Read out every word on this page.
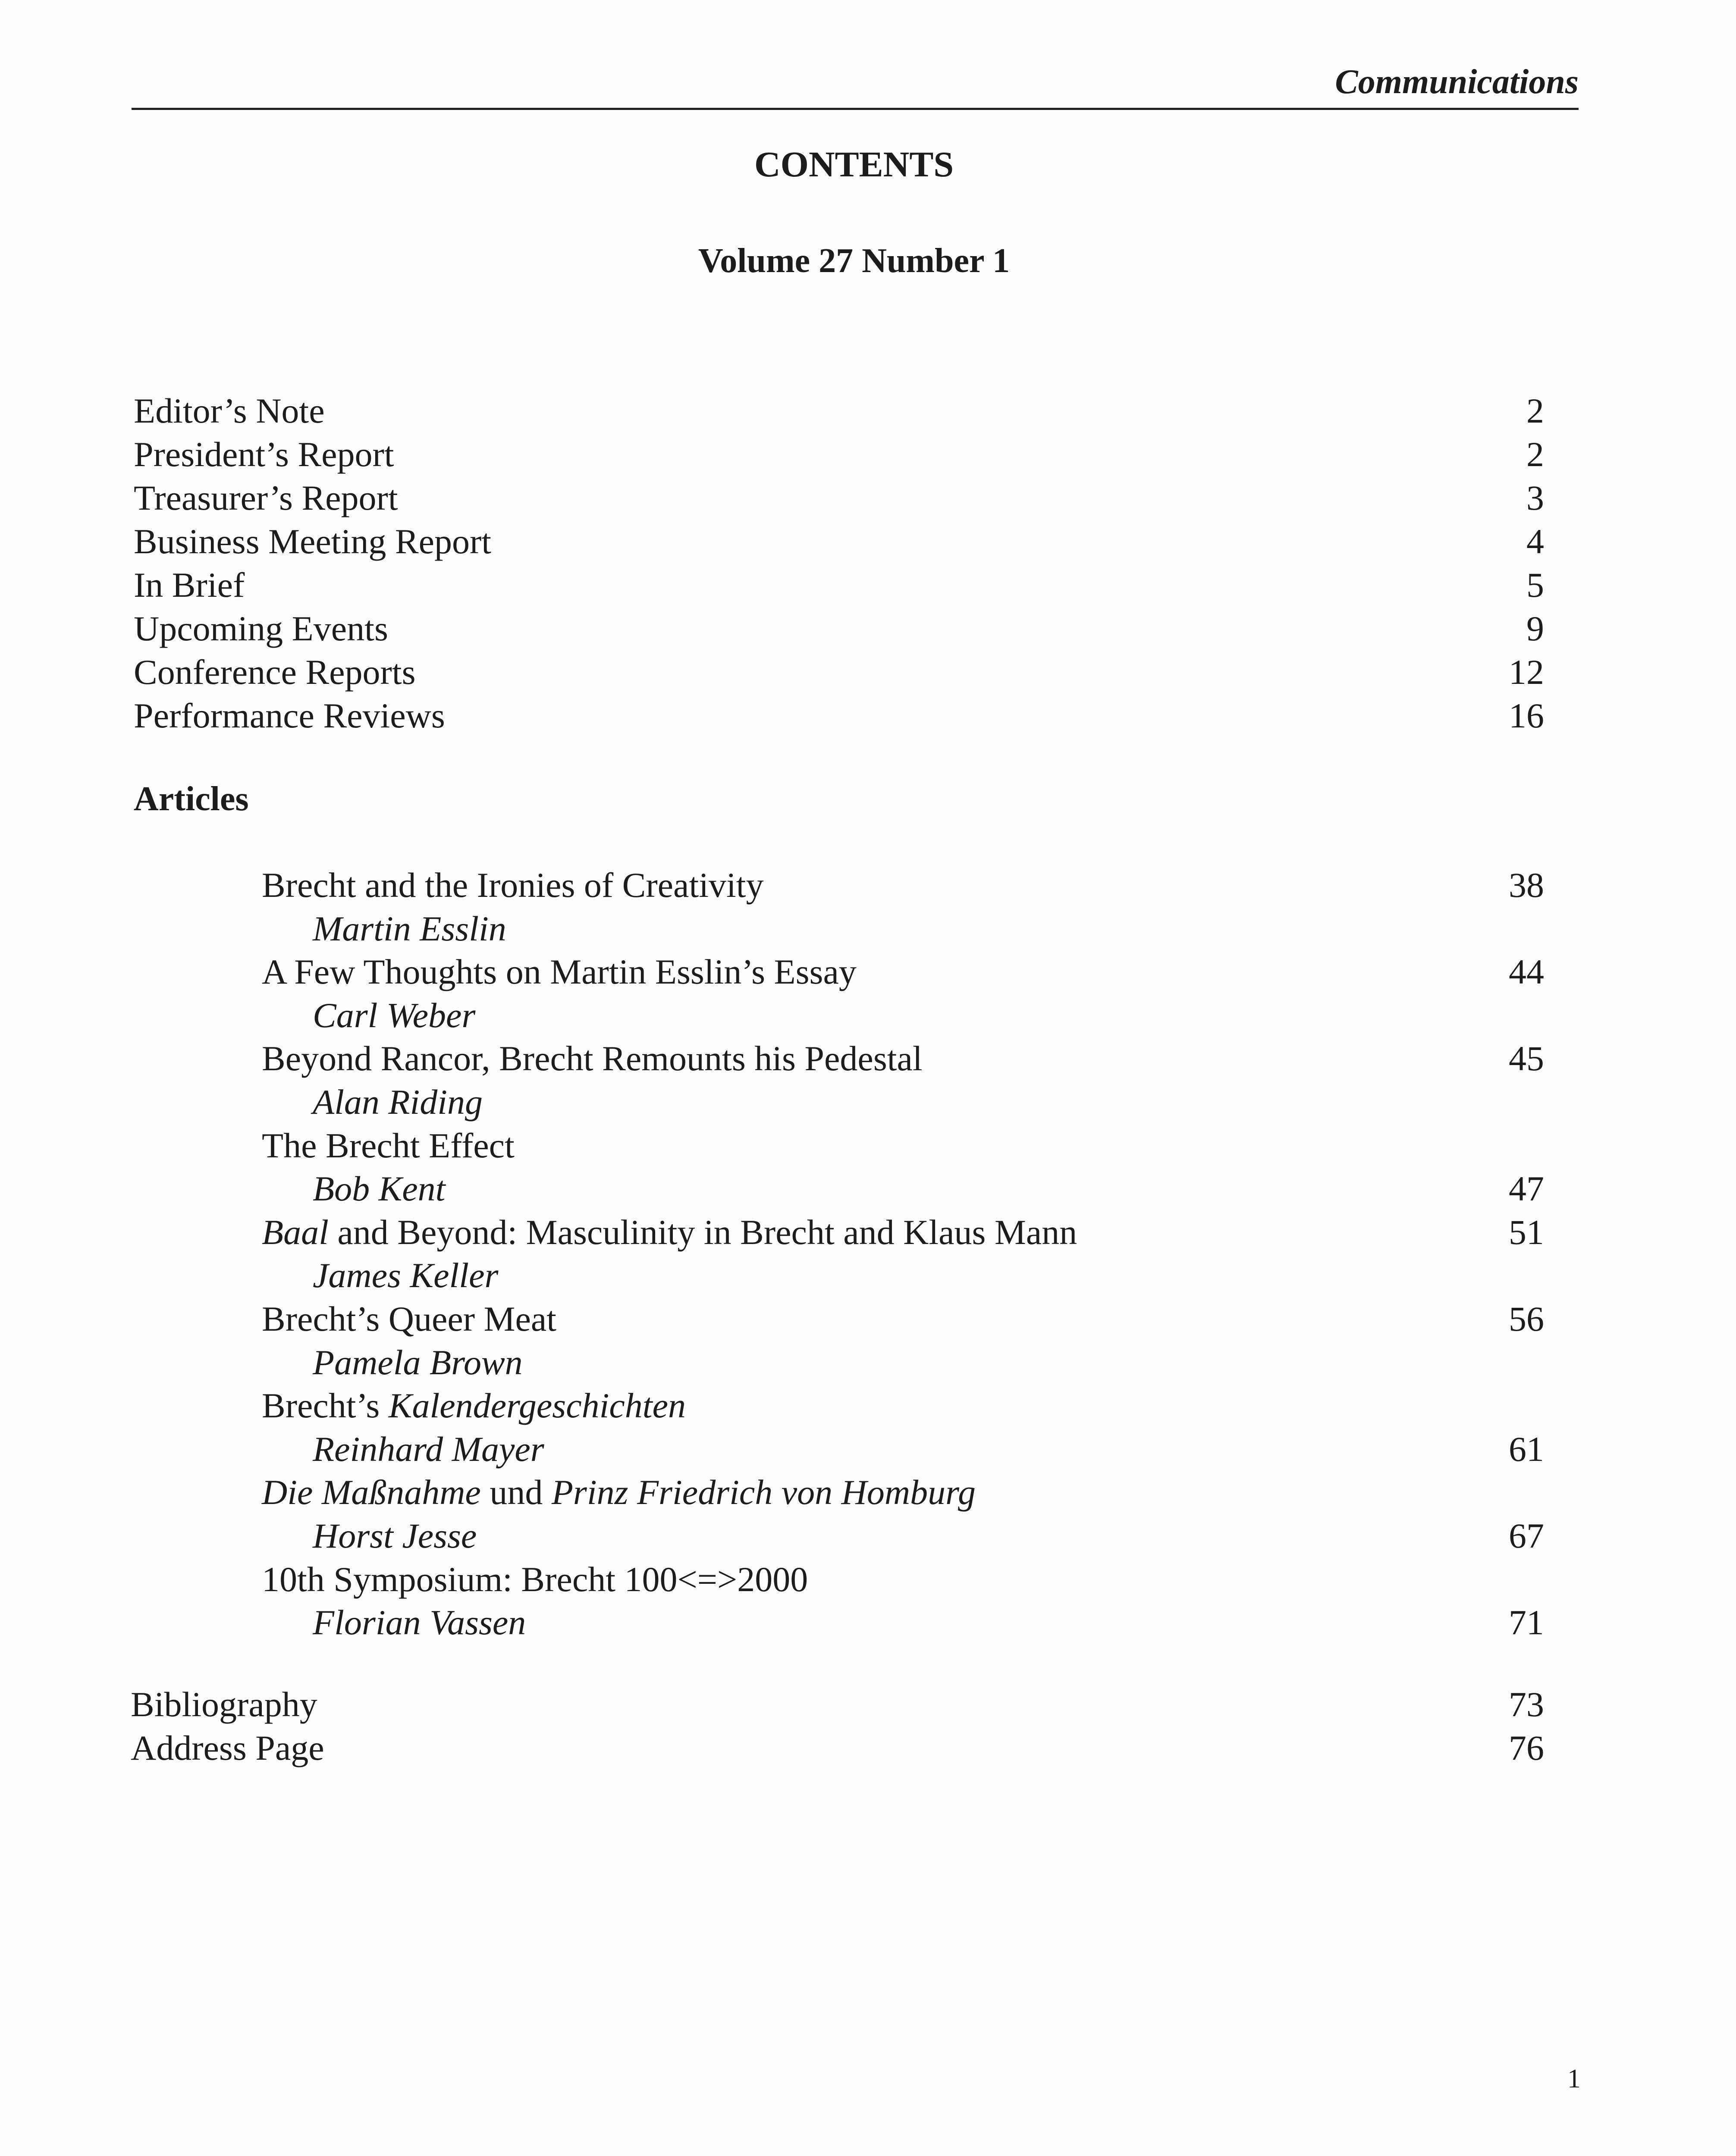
Communications
CONTENTS
Volume 27 Number 1
Editor’s Note	2
President’s Report	2
Treasurer’s Report	3
Business Meeting Report	4
In Brief	5
Upcoming Events	9
Conference Reports	12
Performance Reviews	16
Articles
Brecht and the Ironies of Creativity	38
Martin Esslin
A Few Thoughts on Martin Esslin’s Essay	44
Carl Weber
Beyond Rancor, Brecht Remounts his Pedestal	45
Alan Riding
The Brecht Effect
Bob Kent	47
Baal and Beyond: Masculinity in Brecht and Klaus Mann	51
James Keller
Brecht’s Queer Meat	56
Pamela Brown
Brecht’s Kalendergeschichten
Reinhard Mayer	61
Die Maßnahme und Prinz Friedrich von Homburg
Horst Jesse	67
10th Symposium: Brecht 100<=>2000
Florian Vassen	71
Bibliography	73
Address Page	76
1
